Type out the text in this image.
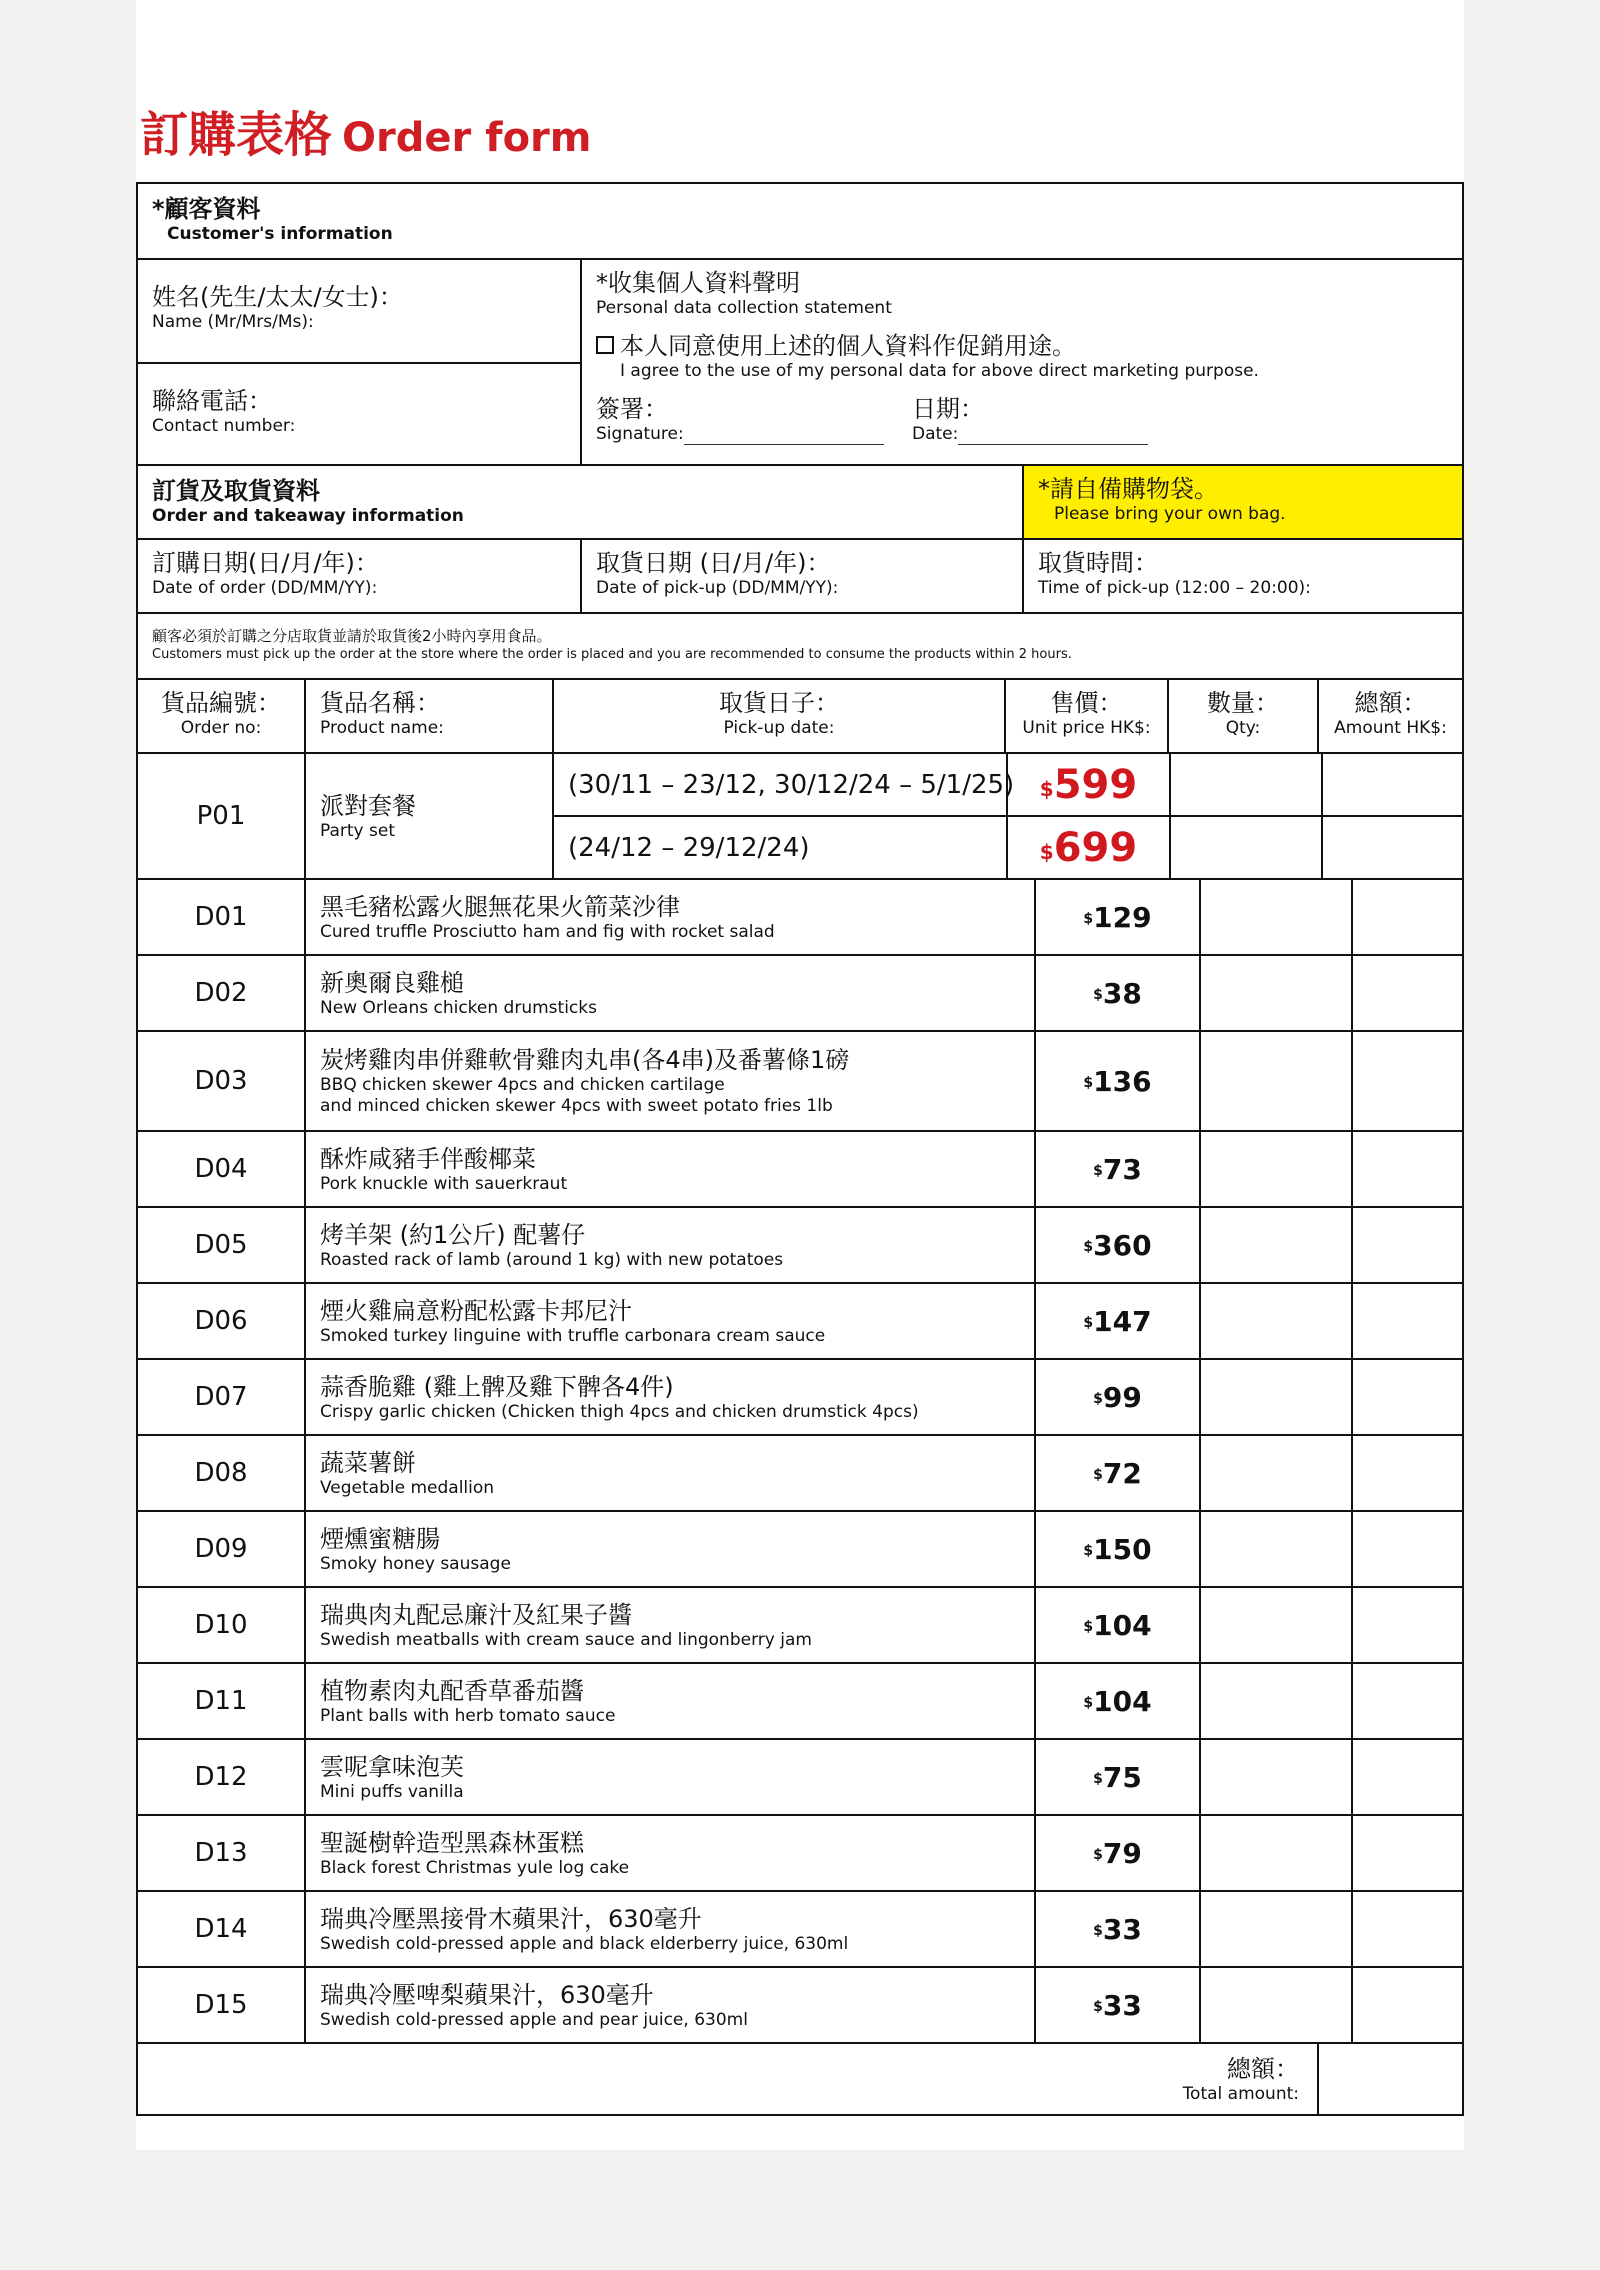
訂購表格 Order form
*顧客資料
Customer's information
姓名(先生/太太/女士)：
Name (Mr/Mrs/Ms):
聯絡電話：
Contact number:
*收集個人資料聲明
Personal data collection statement
本人同意使用上述的個人資料作促銷用途。
I agree to the use of my personal data for above direct marketing purpose.
簽署：
Signature:
日期：
Date:
訂貨及取貨資料
Order and takeaway information
*請自備購物袋。
Please bring your own bag.
訂購日期(日/月/年)：
Date of order (DD/MM/YY):
取貨日期 (日/月/年)：
Date of pick-up (DD/MM/YY):
取貨時間：
Time of pick-up (12:00 – 20:00):
顧客必須於訂購之分店取貨並請於取貨後2小時內享用食品。
Customers must pick up the order at the store where the order is placed and you are recommended to consume the products within 2 hours.
貨品編號：
Order no:
貨品名稱：
Product name:
取貨日子：
Pick-up date:
售價：
Unit price HK$:
數量：
Qty:
總額：
Amount HK$:
P01	派對套餐
Party set
(30/11 – 23/12, 30/12/24 – 5/1/25) $ 599
(24/12 – 29/12/24)	$ 699
D01	黑毛豬松露火腿無花果火箭菜沙律
Cured truffle Prosciutto ham and fig with rocket salad
$ 129
D02	新奧爾良雞槌
New Orleans chicken drumsticks
$ 38
D03
炭烤雞肉串併雞軟骨雞肉丸串(各4串)及番薯條1磅
BBQ chicken skewer 4pcs and chicken cartilage
and minced chicken skewer 4pcs with sweet potato fries 1lb
$ 136
D04	酥炸咸豬手伴酸椰菜
Pork knuckle with sauerkraut
$ 73
D05	烤羊架 (約1公斤) 配薯仔
Roasted rack of lamb (around 1 kg) with new potatoes
$ 360
D06	煙火雞扁意粉配松露卡邦尼汁
Smoked turkey linguine with truffle carbonara cream sauce
$ 147
D07	蒜香脆雞 (雞上髀及雞下髀各4件)
Crispy garlic chicken (Chicken thigh 4pcs and chicken drumstick 4pcs)
$ 99
D08	蔬菜薯餅
Vegetable medallion
$ 72
D09	煙燻蜜糖腸
Smoky honey sausage
$ 150
D10	瑞典肉丸配忌廉汁及紅果子醬
Swedish meatballs with cream sauce and lingonberry jam
$ 104
D11	植物素肉丸配香草番茄醬
Plant balls with herb tomato sauce
$ 104
D12	雲呢拿味泡芙
Mini puffs vanilla
$ 75
D13	聖誕樹幹造型黑森林蛋糕
Black forest Christmas yule log cake
$ 79
D14	瑞典冷壓黑接骨木蘋果汁，630毫升
Swedish cold-pressed apple and black elderberry juice, 630ml
$ 33
D15	瑞典冷壓啤梨蘋果汁，630毫升
Swedish cold-pressed apple and pear juice, 630ml
$ 33
總額：
Total amount:
